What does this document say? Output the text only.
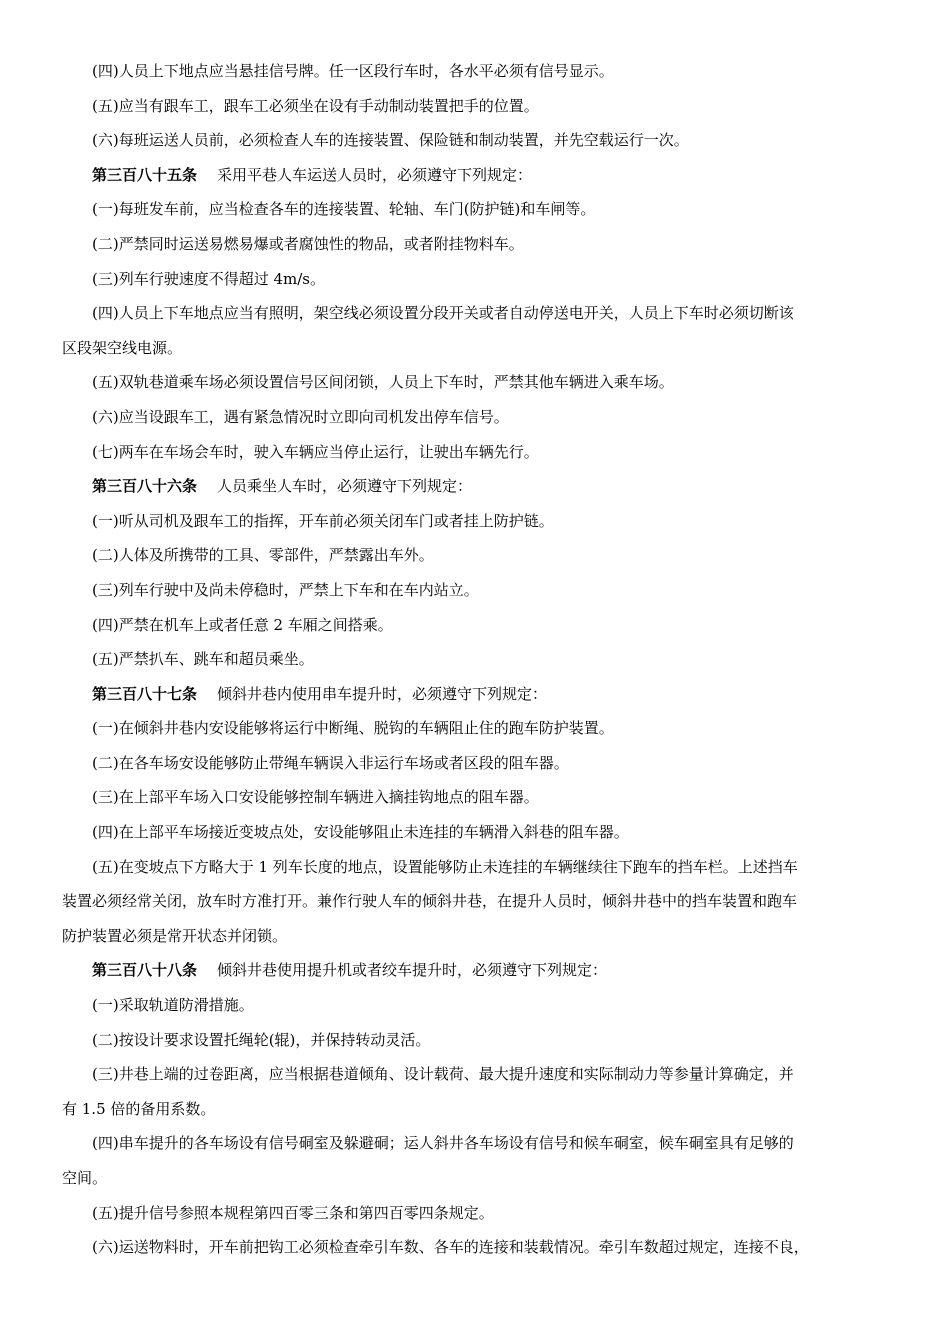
(四)人员上下地点应当悬挂信号牌。任一区段行车时，各水平必须有信号显示。
(五)应当有跟车工，跟车工必须坐在设有手动制动装置把手的位置。
(六)每班运送人员前，必须检查人车的连接装置、保险链和制动装置，并先空载运行一次。
第三百八十五条 采用平巷人车运送人员时，必须遵守下列规定：
(一)每班发车前，应当检查各车的连接装置、轮轴、车门(防护链)和车闸等。
(二)严禁同时运送易燃易爆或者腐蚀性的物品，或者附挂物料车。
(三)列车行驶速度不得超过 4m/s。
(四)人员上下车地点应当有照明，架空线必须设置分段开关或者自动停送电开关，人员上下车时必须切断该
区段架空线电源。
(五)双轨巷道乘车场必须设置信号区间闭锁，人员上下车时，严禁其他车辆进入乘车场。
(六)应当设跟车工，遇有紧急情况时立即向司机发出停车信号。
(七)两车在车场会车时，驶入车辆应当停止运行，让驶出车辆先行。
第三百八十六条 人员乘坐人车时，必须遵守下列规定：
(一)听从司机及跟车工的指挥，开车前必须关闭车门或者挂上防护链。
(二)人体及所携带的工具、零部件，严禁露出车外。
(三)列车行驶中及尚未停稳时，严禁上下车和在车内站立。
(四)严禁在机车上或者任意 2 车厢之间搭乘。
(五)严禁扒车、跳车和超员乘坐。
第三百八十七条 倾斜井巷内使用串车提升时，必须遵守下列规定：
(一)在倾斜井巷内安设能够将运行中断绳、脱钩的车辆阻止住的跑车防护装置。
(二)在各车场安设能够防止带绳车辆误入非运行车场或者区段的阻车器。
(三)在上部平车场入口安设能够控制车辆进入摘挂钩地点的阻车器。
(四)在上部平车场接近变坡点处，安设能够阻止未连挂的车辆滑入斜巷的阻车器。
(五)在变坡点下方略大于 1 列车长度的地点，设置能够防止未连挂的车辆继续往下跑车的挡车栏。上述挡车
装置必须经常关闭，放车时方准打开。兼作行驶人车的倾斜井巷，在提升人员时，倾斜井巷中的挡车装置和跑车
防护装置必须是常开状态并闭锁。
第三百八十八条 倾斜井巷使用提升机或者绞车提升时，必须遵守下列规定：
(一)采取轨道防滑措施。
(二)按设计要求设置托绳轮(辊)，并保持转动灵活。
(三)井巷上端的过卷距离，应当根据巷道倾角、设计载荷、最大提升速度和实际制动力等参量计算确定，并
有 1.5 倍的备用系数。
(四)串车提升的各车场设有信号硐室及躲避硐；运人斜井各车场设有信号和候车硐室，候车硐室具有足够的
空间。
(五)提升信号参照本规程第四百零三条和第四百零四条规定。
(六)运送物料时，开车前把钩工必须检查牵引车数、各车的连接和装载情况。牵引车数超过规定，连接不良，
